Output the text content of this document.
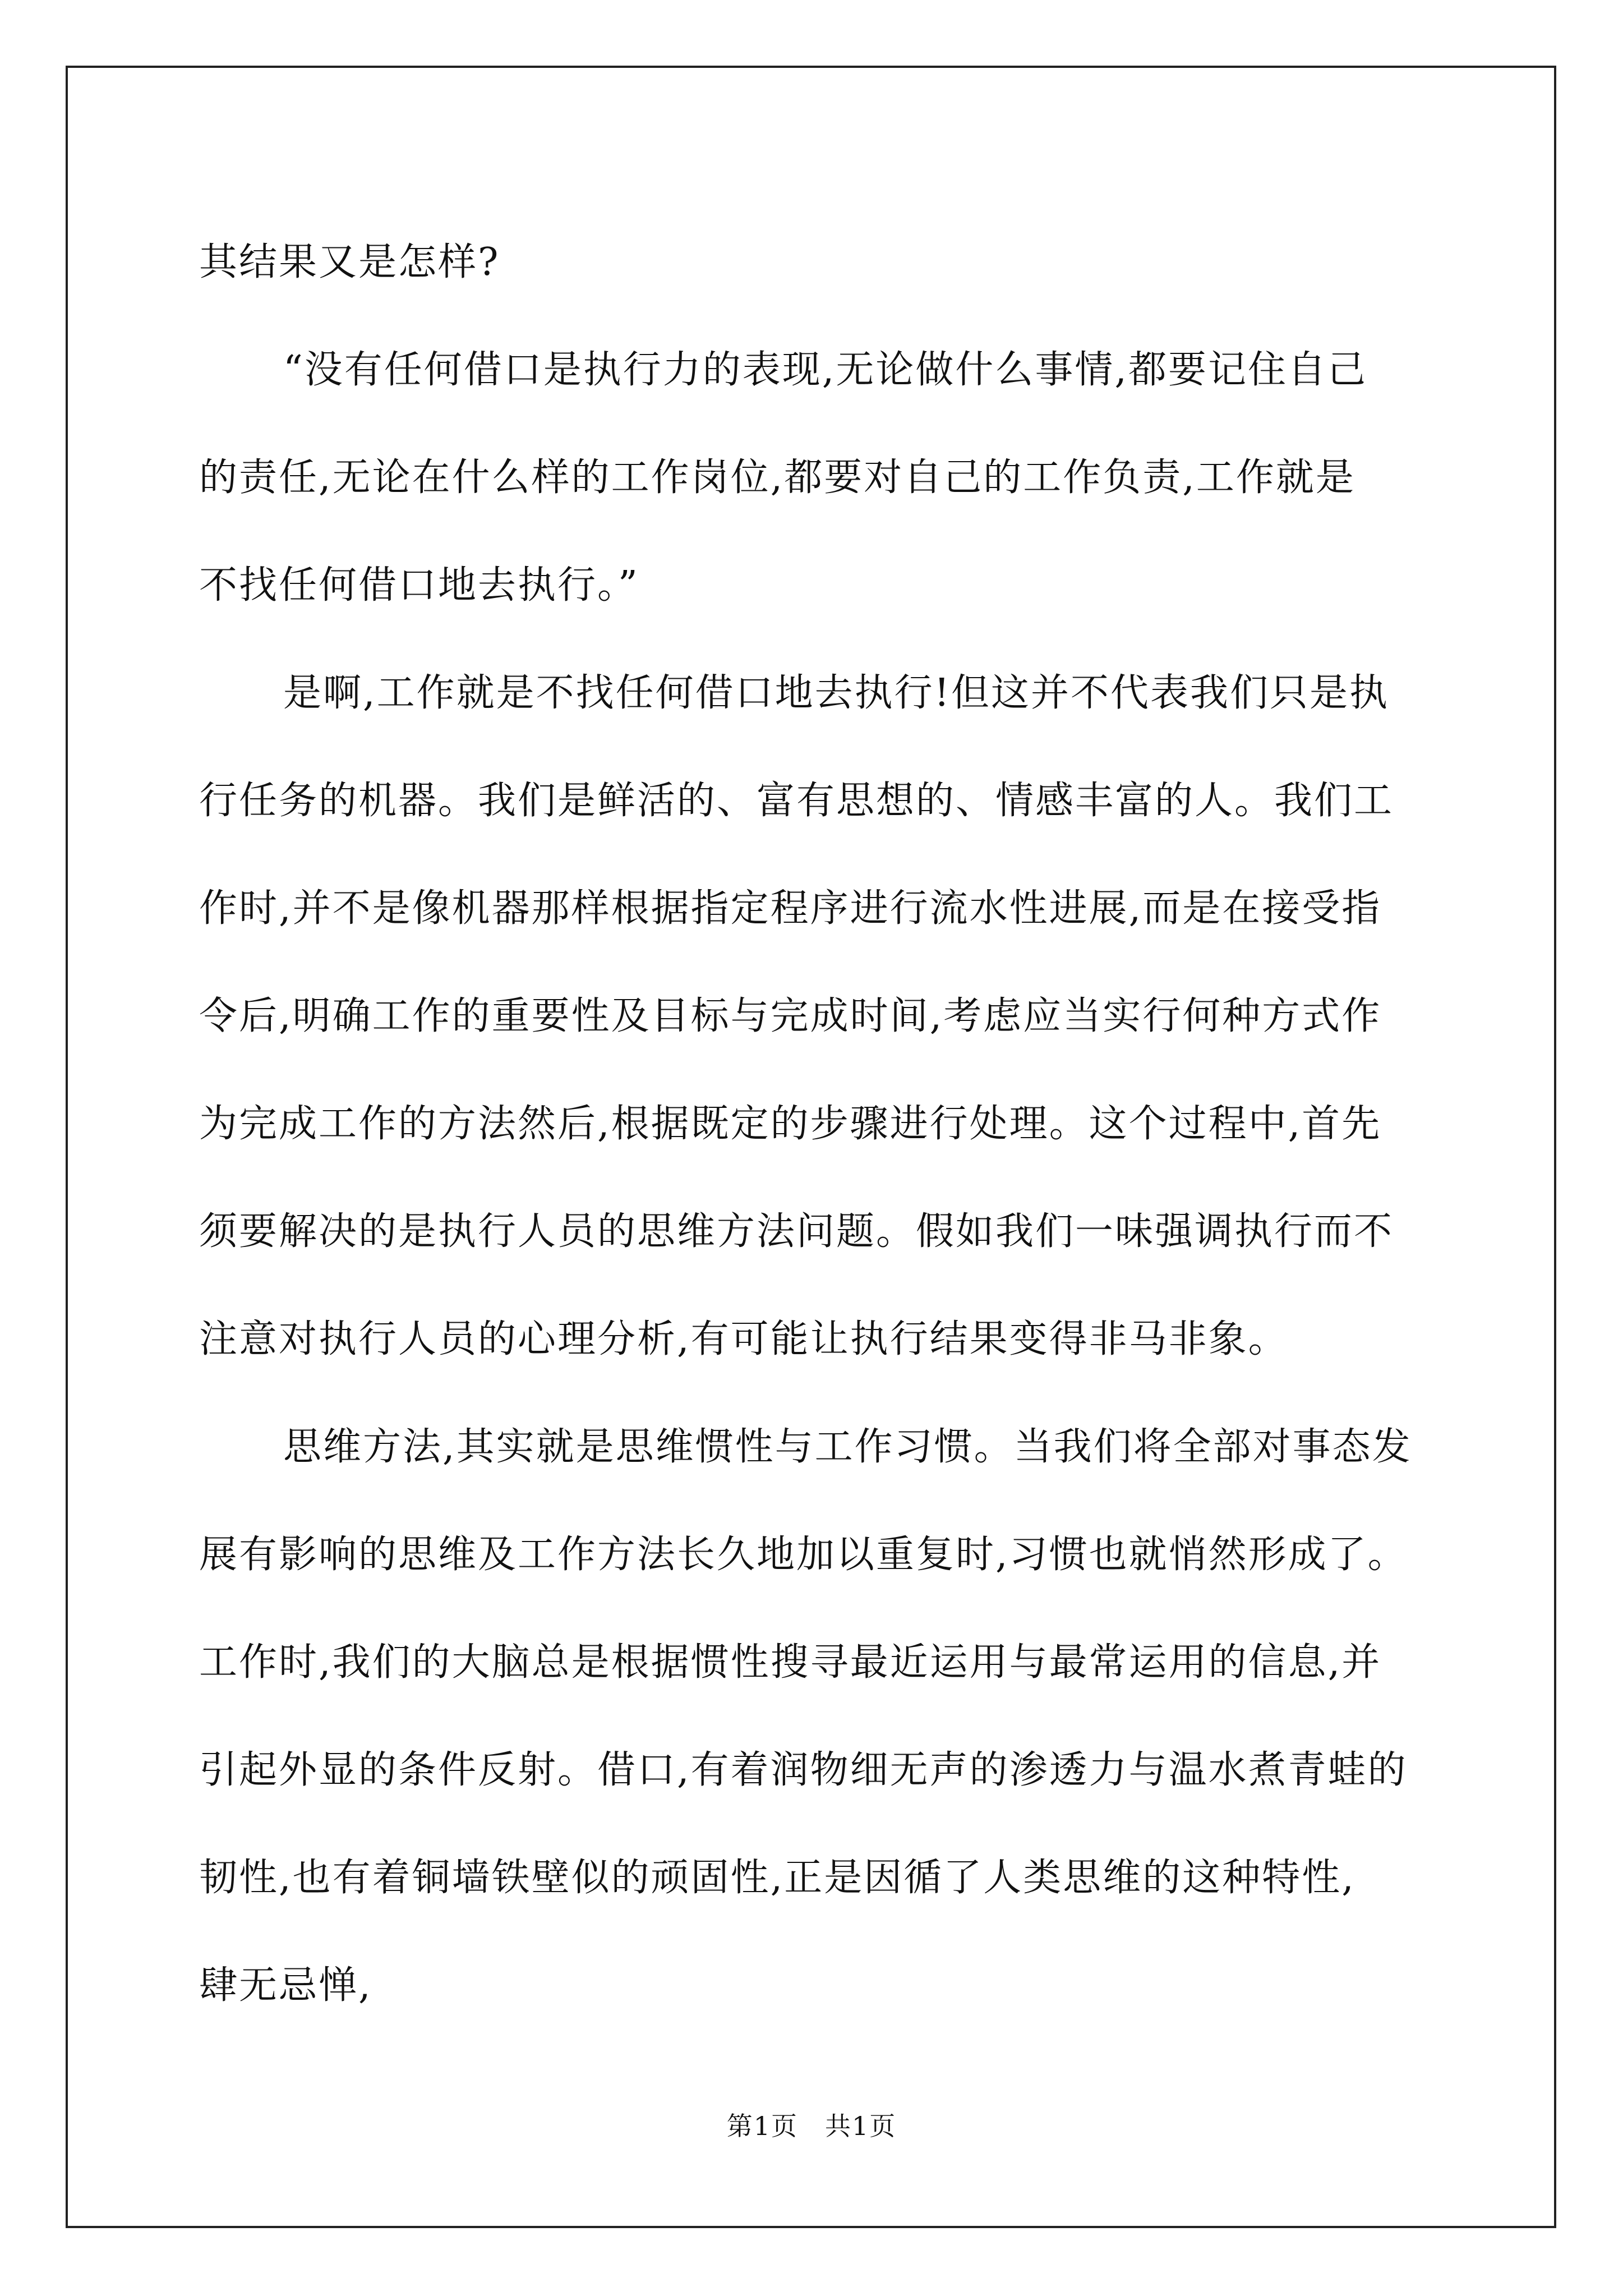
其结果又是怎样?
“没有任何借口是执行力的表现,无论做什么事情,都要记住自己
的责任,无论在什么样的工作岗位,都要对自己的工作负责,工作就是
不找任何借口地去执行。”
是啊,工作就是不找任何借口地去执行!但这并不代表我们只是执
行任务的机器。我们是鲜活的、富有思想的、情感丰富的人。我们工
作时,并不是像机器那样根据指定程序进行流水性进展,而是在接受指
令后,明确工作的重要性及目标与完成时间,考虑应当实行何种方式作
为完成工作的方法然后,根据既定的步骤进行处理。这个过程中,首先
须要解决的是执行人员的思维方法问题。假如我们一味强调执行而不
注意对执行人员的心理分析,有可能让执行结果变得非马非象。
思维方法,其实就是思维惯性与工作习惯。当我们将全部对事态发
展有影响的思维及工作方法长久地加以重复时,习惯也就悄然形成了。
工作时,我们的大脑总是根据惯性搜寻最近运用与最常运用的信息,并
引起外显的条件反射。借口,有着润物细无声的渗透力与温水煮青蛙的
韧性,也有着铜墙铁壁似的顽固性,正是因循了人类思维的这种特性,
肆无忌惮,
第1页　共1页
